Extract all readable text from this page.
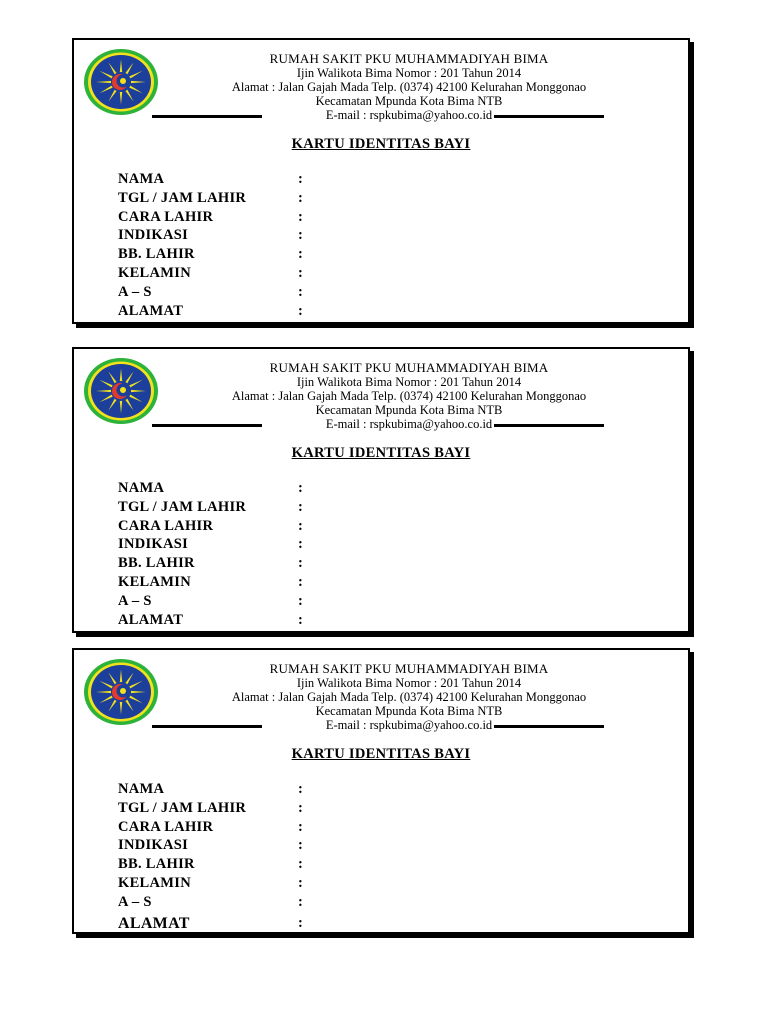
RUMAH SAKIT PKU MUHAMMADIYAH BIMA
Ijin Walikota Bima Nomor : 201 Tahun 2014
Alamat : Jalan Gajah Mada Telp. (0374) 42100 Kelurahan Monggonao
Kecamatan Mpunda Kota Bima NTB
E-mail : rspkubima@yahoo.co.id
KARTU IDENTITAS BAYI
NAMA	:
TGL / JAM LAHIR	:
CARA LAHIR	:
INDIKASI	:
BB. LAHIR	:
KELAMIN	:
A – S	:
ALAMAT	:
RUMAH SAKIT PKU MUHAMMADIYAH BIMA
Ijin Walikota Bima Nomor : 201 Tahun 2014
Alamat : Jalan Gajah Mada Telp. (0374) 42100 Kelurahan Monggonao
Kecamatan Mpunda Kota Bima NTB
E-mail : rspkubima@yahoo.co.id
KARTU IDENTITAS BAYI
NAMA	:
TGL / JAM LAHIR	:
CARA LAHIR	:
INDIKASI	:
BB. LAHIR	:
KELAMIN	:
A – S	:
ALAMAT	:
RUMAH SAKIT PKU MUHAMMADIYAH BIMA
Ijin Walikota Bima Nomor : 201 Tahun 2014
Alamat : Jalan Gajah Mada Telp. (0374) 42100 Kelurahan Monggonao
Kecamatan Mpunda Kota Bima NTB
E-mail : rspkubima@yahoo.co.id
KARTU IDENTITAS BAYI
NAMA	:
TGL / JAM LAHIR	:
CARA LAHIR	:
INDIKASI	:
BB. LAHIR	:
KELAMIN	:
A – S	:
ALAMAT	:
